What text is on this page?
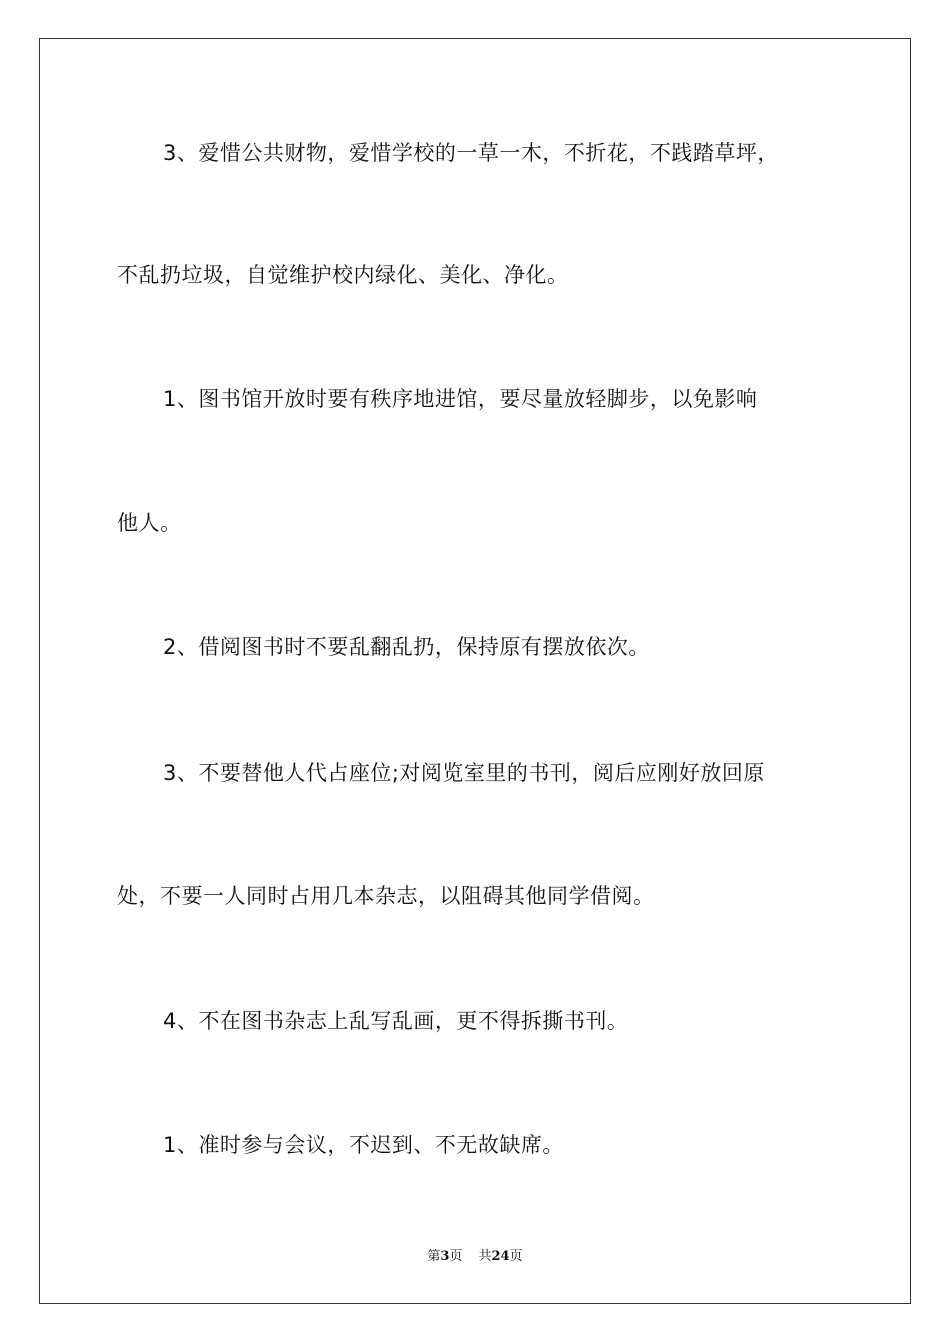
3、爱惜公共财物，爱惜学校的一草一木，不折花，不践踏草坪，
不乱扔垃圾，自觉维护校内绿化、美化、净化。
1、图书馆开放时要有秩序地进馆，要尽量放轻脚步，以免影响
他人。
2、借阅图书时不要乱翻乱扔，保持原有摆放依次。
3、不要替他人代占座位;对阅览室里的书刊，阅后应刚好放回原
处，不要一人同时占用几本杂志，以阻碍其他同学借阅。
4、不在图书杂志上乱写乱画，更不得拆撕书刊。
1、准时参与会议，不迟到、不无故缺席。
第3页 共24页
